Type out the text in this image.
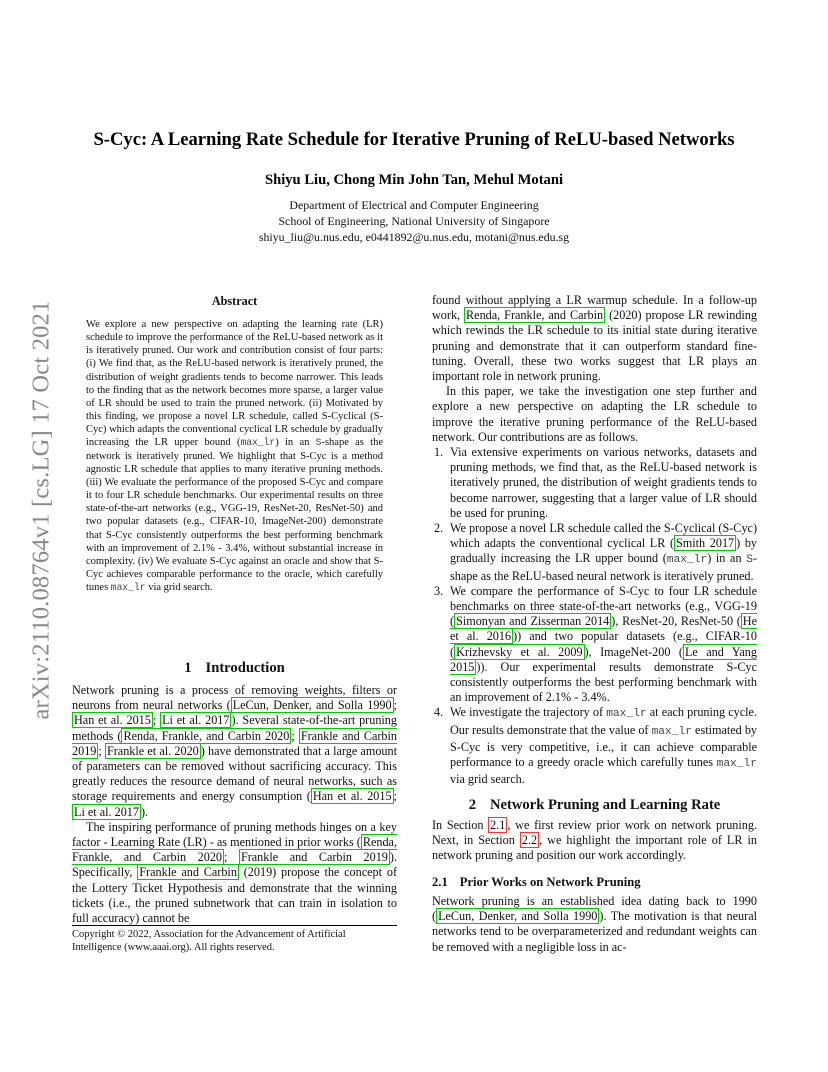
arXiv:2110.08764v1 [cs.LG] 17 Oct 2021
S-Cyc: A Learning Rate Schedule for Iterative Pruning of ReLU-based Networks
Shiyu Liu, Chong Min John Tan, Mehul Motani
Department of Electrical and Computer Engineering
School of Engineering, National University of Singapore
shiyu_liu@u.nus.edu, e0441892@u.nus.edu, motani@nus.edu.sg
Abstract
We explore a new perspective on adapting the learning rate (LR) schedule to improve the performance of the ReLU-based network as it is iteratively pruned. Our work and contribution consist of four parts: (i) We find that, as the ReLU-based network is iteratively pruned, the distribution of weight gradients tends to become narrower. This leads to the finding that as the network becomes more sparse, a larger value of LR should be used to train the pruned network. (ii) Motivated by this finding, we propose a novel LR schedule, called S-Cyclical (S-Cyc) which adapts the conventional cyclical LR schedule by gradually increasing the LR upper bound (max_lr) in an S-shape as the network is iteratively pruned. We highlight that S-Cyc is a method agnostic LR schedule that applies to many iterative pruning methods. (iii) We evaluate the performance of the proposed S-Cyc and compare it to four LR schedule benchmarks. Our experimental results on three state-of-the-art networks (e.g., VGG-19, ResNet-20, ResNet-50) and two popular datasets (e.g., CIFAR-10, ImageNet-200) demonstrate that S-Cyc consistently outperforms the best performing benchmark with an improvement of 2.1% - 3.4%, without substantial increase in complexity. (iv) We evaluate S-Cyc against an oracle and show that S-Cyc achieves comparable performance to the oracle, which carefully tunes max_lr via grid search.
1 Introduction

Network pruning is a process of removing weights, filters or neurons from neural networks ( LeCun, Denker, and Solla 1990 ; Han et al. 2015 ; Li et al. 2017 ). Several state-of-the-art pruning methods ( Renda, Frankle, and Carbin 2020 ; Frankle and Carbin 2019 ; Frankle et al. 2020 ) have demonstrated that a large amount of parameters can be removed without sacrificing accuracy. This greatly reduces the resource demand of neural networks, such as storage requirements and energy consumption ( Han et al. 2015 ; Li et al. 2017 ).

The inspiring performance of pruning methods hinges on a key factor - Learning Rate (LR) - as mentioned in prior works ( Renda, Frankle, and Carbin 2020 ; Frankle and Carbin 2019 ). Specifically, Frankle and Carbin (2019) propose the concept of the Lottery Ticket Hypothesis and demonstrate that the winning tickets (i.e., the pruned subnetwork that can train in isolation to full accuracy) cannot be

Copyright © 2022, Association for the Advancement of Artificial Intelligence (www.aaai.org). All rights reserved.

found without applying a LR warmup schedule. In a follow-up work, Renda, Frankle, and Carbin (2020) propose LR rewinding which rewinds the LR schedule to its initial state during iterative pruning and demonstrate that it can outperform standard fine-tuning. Overall, these two works suggest that LR plays an important role in network pruning.

In this paper, we take the investigation one step further and explore a new perspective on adapting the LR schedule to improve the iterative pruning performance of the ReLU-based network. Our contributions are as follows.

1. Via extensive experiments on various networks, datasets and pruning methods, we find that, as the ReLU-based network is iteratively pruned, the distribution of weight gradients tends to become narrower, suggesting that a larger value of LR should be used for pruning.
2. We propose a novel LR schedule called the S-Cyclical (S-Cyc) which adapts the conventional cyclical LR ( Smith 2017 ) by gradually increasing the LR upper bound (max_lr) in an S-shape as the ReLU-based neural network is iteratively pruned.
3. We compare the performance of S-Cyc to four LR schedule benchmarks on three state-of-the-art networks (e.g., VGG-19 ( Simonyan and Zisserman 2014 ), ResNet-20, ResNet-50 ( He et al. 2016 )) and two popular datasets (e.g., CIFAR-10 ( Krizhevsky et al. 2009 ), ImageNet-200 ( Le and Yang 2015 )). Our experimental results demonstrate S-Cyc consistently outperforms the best performing benchmark with an improvement of 2.1% - 3.4%.
4. We investigate the trajectory of max_lr at each pruning cycle. Our results demonstrate that the value of max_lr estimated by S-Cyc is very competitive, i.e., it can achieve comparable performance to a greedy oracle which carefully tunes max_lr via grid search.
2 Network Pruning and Learning Rate

In Section 2.1 , we first review prior work on network pruning. Next, in Section 2.2 , we highlight the important role of LR in network pruning and position our work accordingly.

2.1 Prior Works on Network Pruning

Network pruning is an established idea dating back to 1990 ( LeCun, Denker, and Solla 1990 ). The motivation is that neural networks tend to be overparameterized and redundant weights can be removed with a negligible loss in ac-
